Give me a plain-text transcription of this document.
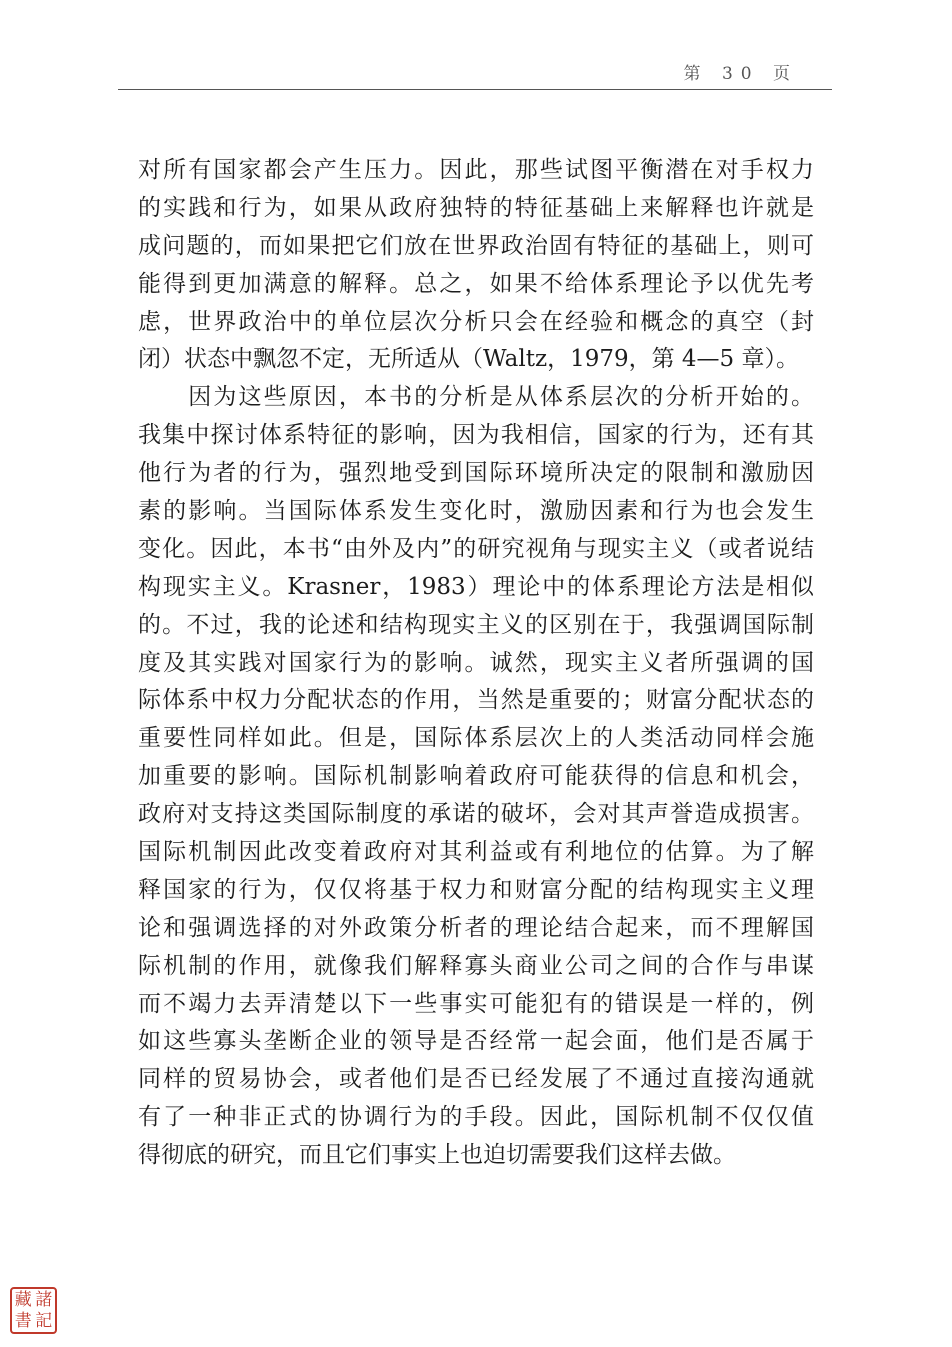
第 30 页
对所有国家都会产生压力。因此，那些试图平衡潜在对手权力
的实践和行为，如果从政府独特的特征基础上来解释也许就是
成问题的，而如果把它们放在世界政治固有特征的基础上，则可
能得到更加满意的解释。总之，如果不给体系理论予以优先考
虑，世界政治中的单位层次分析只会在经验和概念的真空（封
闭）状态中飘忽不定，无所适从（Waltz，1979，第 4—5 章）。
　　因为这些原因，本书的分析是从体系层次的分析开始的。
我集中探讨体系特征的影响，因为我相信，国家的行为，还有其
他行为者的行为，强烈地受到国际环境所决定的限制和激励因
素的影响。当国际体系发生变化时，激励因素和行为也会发生
变化。因此，本书“由外及内”的研究视角与现实主义（或者说结
构现实主义。Krasner，1983）理论中的体系理论方法是相似
的。不过，我的论述和结构现实主义的区别在于，我强调国际制
度及其实践对国家行为的影响。诚然，现实主义者所强调的国
际体系中权力分配状态的作用，当然是重要的；财富分配状态的
重要性同样如此。但是，国际体系层次上的人类活动同样会施
加重要的影响。国际机制影响着政府可能获得的信息和机会，
政府对支持这类国际制度的承诺的破坏，会对其声誉造成损害。
国际机制因此改变着政府对其利益或有利地位的估算。为了解
释国家的行为，仅仅将基于权力和财富分配的结构现实主义理
论和强调选择的对外政策分析者的理论结合起来，而不理解国
际机制的作用，就像我们解释寡头商业公司之间的合作与串谋
而不竭力去弄清楚以下一些事实可能犯有的错误是一样的，例
如这些寡头垄断企业的领导是否经常一起会面，他们是否属于
同样的贸易协会，或者他们是否已经发展了不通过直接沟通就
有了一种非正式的协调行为的手段。因此，国际机制不仅仅值
得彻底的研究，而且它们事实上也迫切需要我们这样去做。
藏 諸
書 記
